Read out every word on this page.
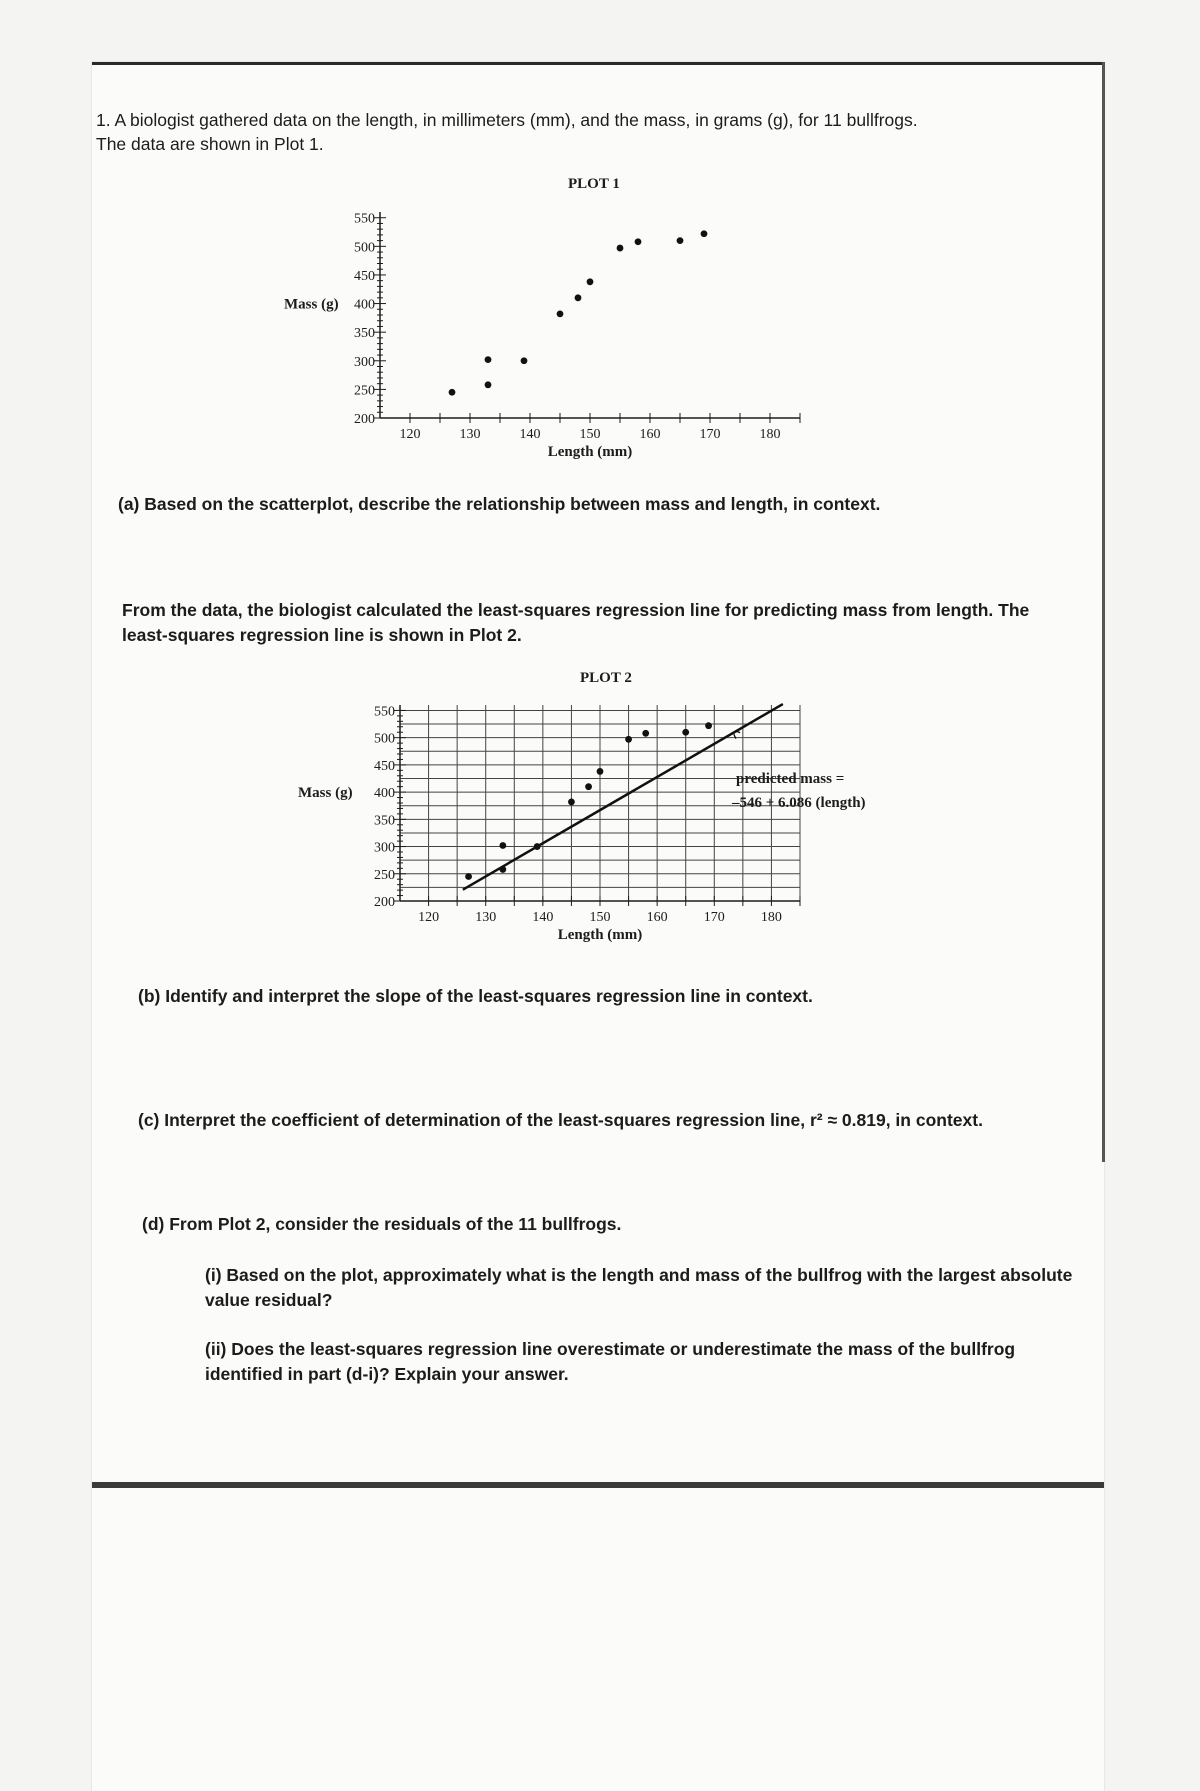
1. A biologist gathered data on the length, in millimeters (mm), and the mass, in grams (g), for 11 bullfrogs.
The data are shown in Plot 1.
PLOT 1
120	130	140	150	160	170	180
200
250
300
350
400
450
500
550
Mass (g)
Length (mm)
(a) Based on the scatterplot, describe the relationship between mass and length, in context.
From the data, the biologist calculated the least-squares regression line for predicting mass from length. The
least-squares regression line is shown in Plot 2.
PLOT 2
120	130	140	150	160	170	180
200
250
300
350
400
450
500
550
Mass (g)
Length (mm)
predicted mass =
–546 + 6.086 (length)
(b) Identify and interpret the slope of the least-squares regression line in context.
(c) Interpret the coefficient of determination of the least-squares regression line, r² ≈ 0.819, in context.
(d) From Plot 2, consider the residuals of the 11 bullfrogs.
(i) Based on the plot, approximately what is the length and mass of the bullfrog with the largest absolute
value residual?
(ii) Does the least-squares regression line overestimate or underestimate the mass of the bullfrog
identified in part (d-i)? Explain your answer.
